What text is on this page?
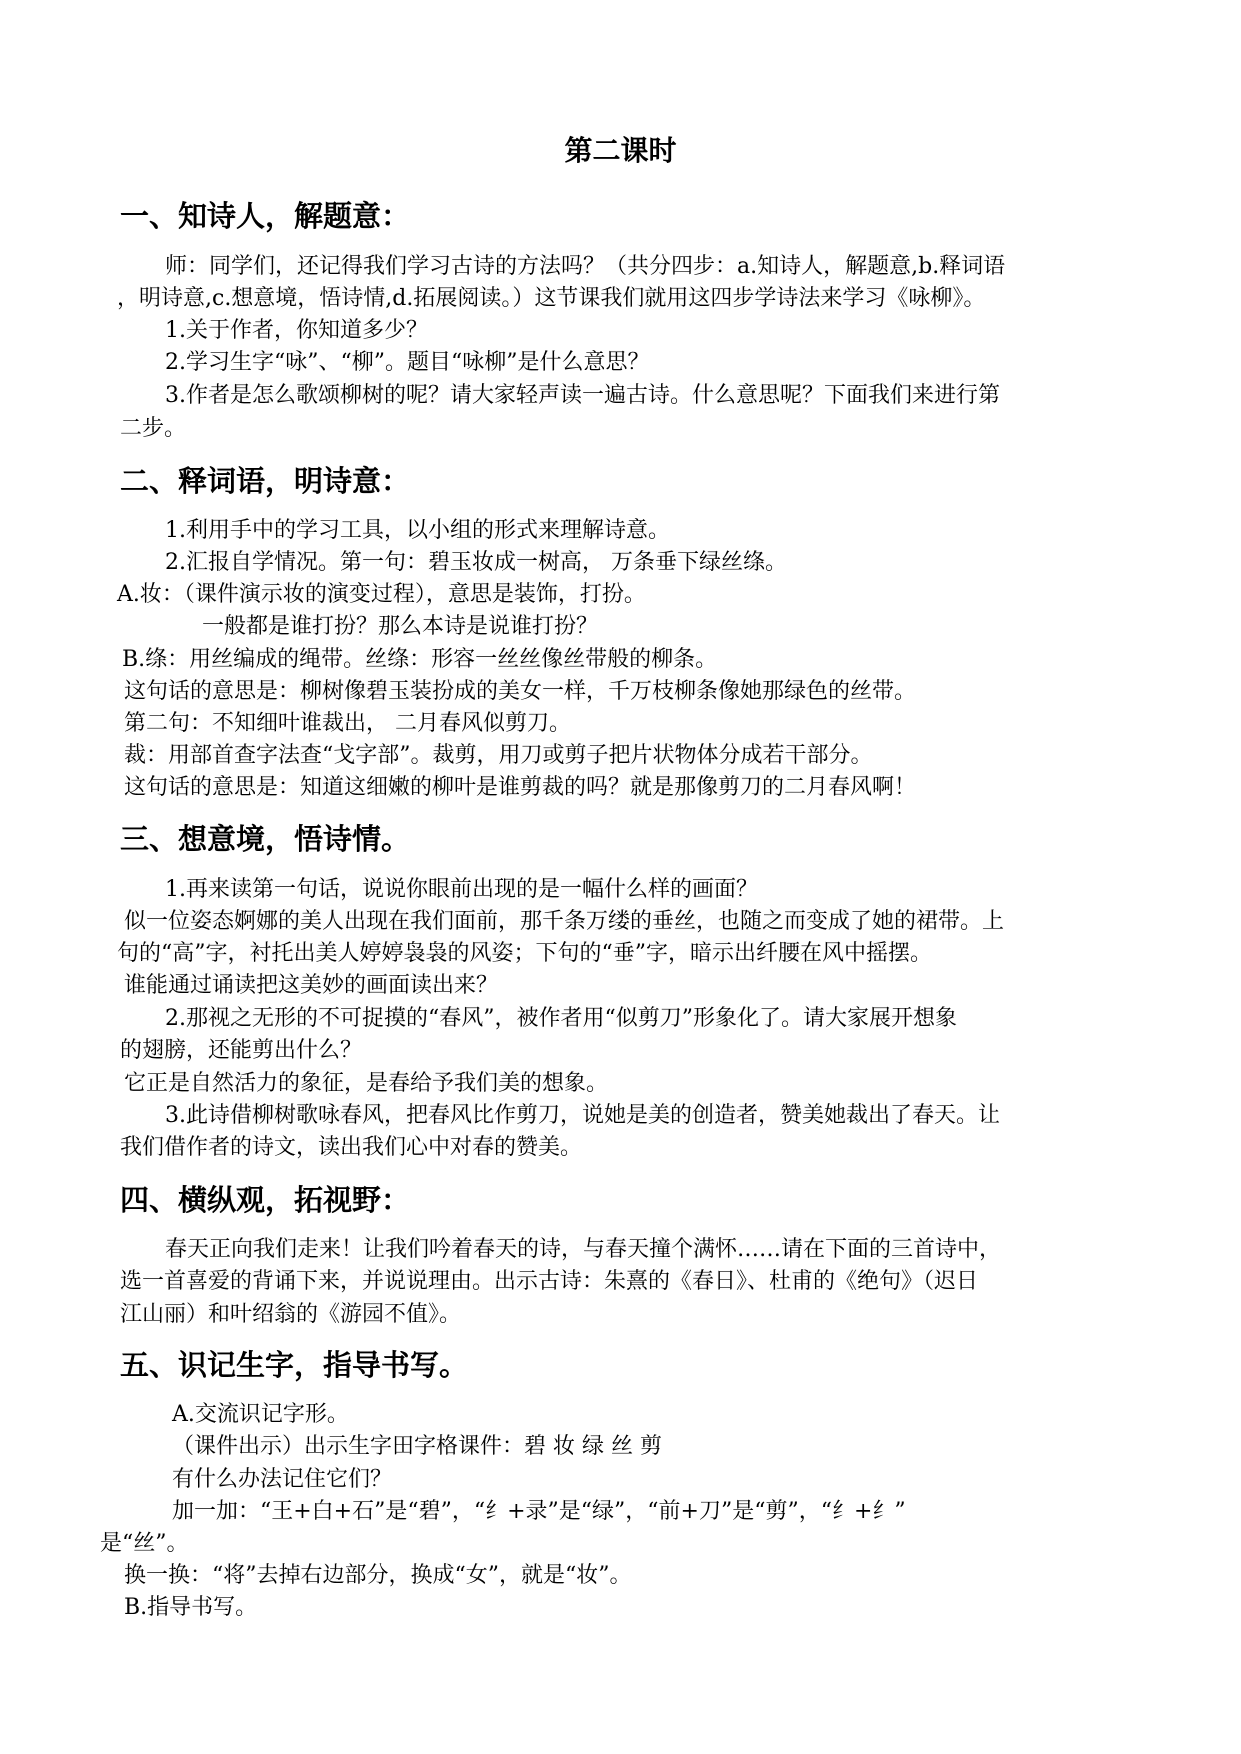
第二课时
一、知诗人，解题意：
师：同学们，还记得我们学习古诗的方法吗？（共分四步：a.知诗人，解题意,b.释词语
，明诗意,c.想意境，悟诗情,d.拓展阅读。）这节课我们就用这四步学诗法来学习《咏柳》。
1.关于作者，你知道多少？
2.学习生字“咏”、“柳”。题目“咏柳”是什么意思？
3.作者是怎么歌颂柳树的呢？请大家轻声读一遍古诗。什么意思呢？下面我们来进行第
二步。
二、释词语，明诗意：
1.利用手中的学习工具，以小组的形式来理解诗意。
2.汇报自学情况。第一句：碧玉妆成一树高， 万条垂下绿丝绦。
A.妆：（课件演示妆的演变过程），意思是装饰，打扮。
一般都是谁打扮？那么本诗是说谁打扮？
B.绦：用丝编成的绳带。丝绦：形容一丝丝像丝带般的柳条。
这句话的意思是：柳树像碧玉装扮成的美女一样，千万枝柳条像她那绿色的丝带。
第二句：不知细叶谁裁出， 二月春风似剪刀。
裁：用部首查字法查“戈字部”。裁剪，用刀或剪子把片状物体分成若干部分。
这句话的意思是：知道这细嫩的柳叶是谁剪裁的吗？就是那像剪刀的二月春风啊！
三、想意境，悟诗情。
1.再来读第一句话，说说你眼前出现的是一幅什么样的画面？
似一位姿态婀娜的美人出现在我们面前，那千条万缕的垂丝，也随之而变成了她的裙带。上
句的“高”字，衬托出美人婷婷袅袅的风姿；下句的“垂”字，暗示出纤腰在风中摇摆。
谁能通过诵读把这美妙的画面读出来？
2.那视之无形的不可捉摸的“春风”，被作者用“似剪刀”形象化了。请大家展开想象
的翅膀，还能剪出什么？
它正是自然活力的象征，是春给予我们美的想象。
3.此诗借柳树歌咏春风，把春风比作剪刀，说她是美的创造者，赞美她裁出了春天。让
我们借作者的诗文，读出我们心中对春的赞美。
四、横纵观，拓视野：
春天正向我们走来！让我们吟着春天的诗，与春天撞个满怀……请在下面的三首诗中，
选一首喜爱的背诵下来，并说说理由。出示古诗：朱熹的《春日》、杜甫的《绝句》（迟日
江山丽）和叶绍翁的《游园不值》。
五、识记生字，指导书写。
A.交流识记字形。
（课件出示）出示生字田字格课件：碧 妆 绿 丝 剪
有什么办法记住它们？
加一加：“王+白+石”是“碧”，“纟+录”是“绿”，“前+刀”是“剪”，“纟+纟”
是“丝”。
换一换：“将”去掉右边部分，换成“女”，就是“妆”。
B.指导书写。
